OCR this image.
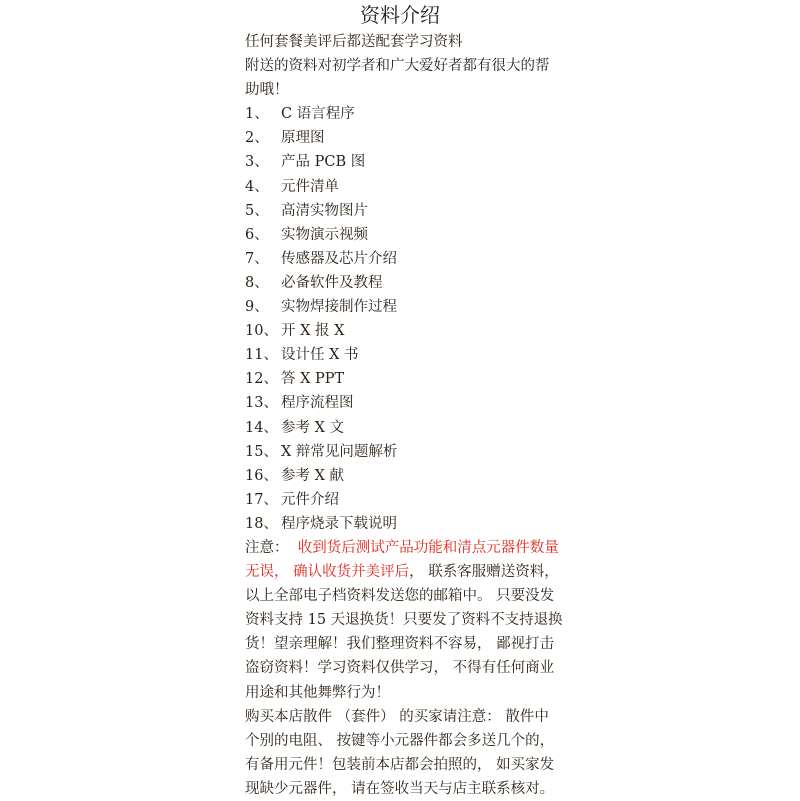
资料介绍
任何套餐美评后都送配套学习资料
附送的资料对初学者和广大爱好者都有很大的帮
助哦！
1、 C 语言程序
2、 原理图
3、 产品 PCB 图
4、 元件清单
5、 高清实物图片
6、 实物演示视频
7、 传感器及芯片介绍
8、 必备软件及教程
9、 实物焊接制作过程
10、 开 X 报 X
11、 设计任 X 书
12、 答 X PPT
13、 程序流程图
14、 参考 X 文
15、 X 辩常见问题解析
16、 参考 X 献
17、 元件介绍
18、 程序烧录下载说明
注意： 收到货后测试产品功能和清点元器件数量
无误， 确认收货并美评后， 联系客服赠送资料，
以上全部电子档资料发送您的邮箱中。 只要没发
资料支持 15 天退换货！只要发了资料不支持退换
货！望亲理解！我们整理资料不容易， 鄙视打击
盗窃资料！学习资料仅供学习， 不得有任何商业
用途和其他舞弊行为！
购买本店散件 （套件） 的买家请注意： 散件中
个别的电阻、 按键等小元器件都会多送几个的，
有备用元件！包装前本店都会拍照的， 如买家发
现缺少元器件， 请在签收当天与店主联系核对。
